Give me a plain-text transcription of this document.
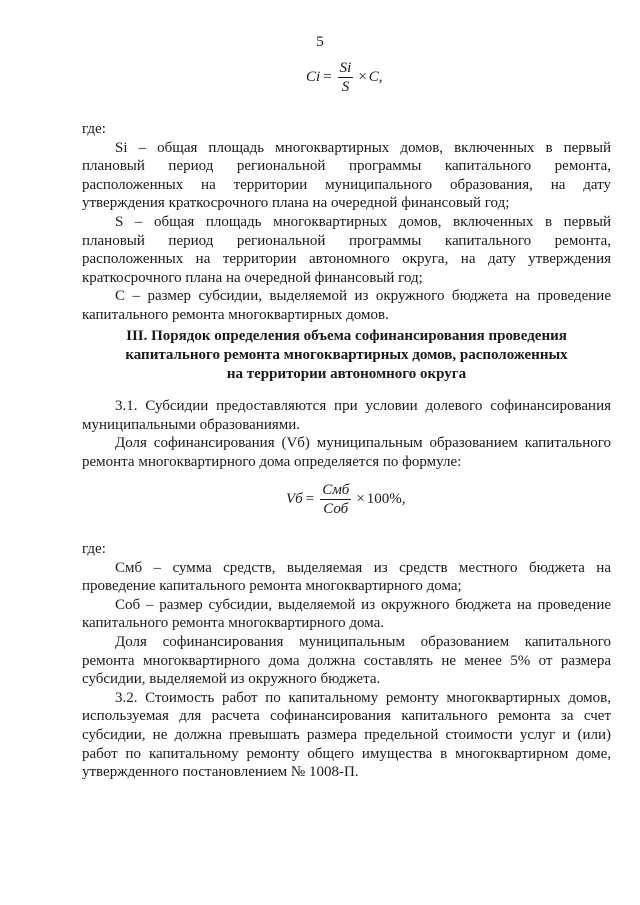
5
$Ci = \frac{Si}{S} \times C$,

где:

Si – общая площадь многоквартирных домов, включенных в первый плановый период региональной программы капитального ремонта, расположенных на территории муниципального образования, на дату утверждения краткосрочного плана на очередной финансовый год;

S – общая площадь многоквартирных домов, включенных в первый плановый период региональной программы капитального ремонта, расположенных на территории автономного округа, на дату утверждения краткосрочного плана на очередной финансовый год;

С – размер субсидии, выделяемой из окружного бюджета на проведение капитального ремонта многоквартирных домов.

III. Порядок определения объема софинансирования проведения
капитального ремонта многоквартирных домов, расположенных
на территории автономного округа

3.1. Субсидии предоставляются при условии долевого софинансирования муниципальными образованиями.

Доля софинансирования (Vб) муниципальным образованием капитального ремонта многоквартирного дома определяется по формуле:

Vб = $\frac{\text{Смб}}{\text{Соб}} \times 100\%$,

где:

Смб – сумма средств, выделяемая из средств местного бюджета на проведение капитального ремонта многоквартирного дома;

Соб – размер субсидии, выделяемой из окружного бюджета на проведение капитального ремонта многоквартирного дома.

Доля софинансирования муниципальным образованием капитального ремонта многоквартирного дома должна составлять не менее 5% от размера субсидии, выделяемой из окружного бюджета.

3.2. Стоимость работ по капитальному ремонту многоквартирных домов, используемая для расчета софинансирования капитального ремонта за счет субсидии, не должна превышать размера предельной стоимости услуг и (или) работ по капитальному ремонту общего имущества в многоквартирном доме, утвержденного постановлением № 1008-П.
